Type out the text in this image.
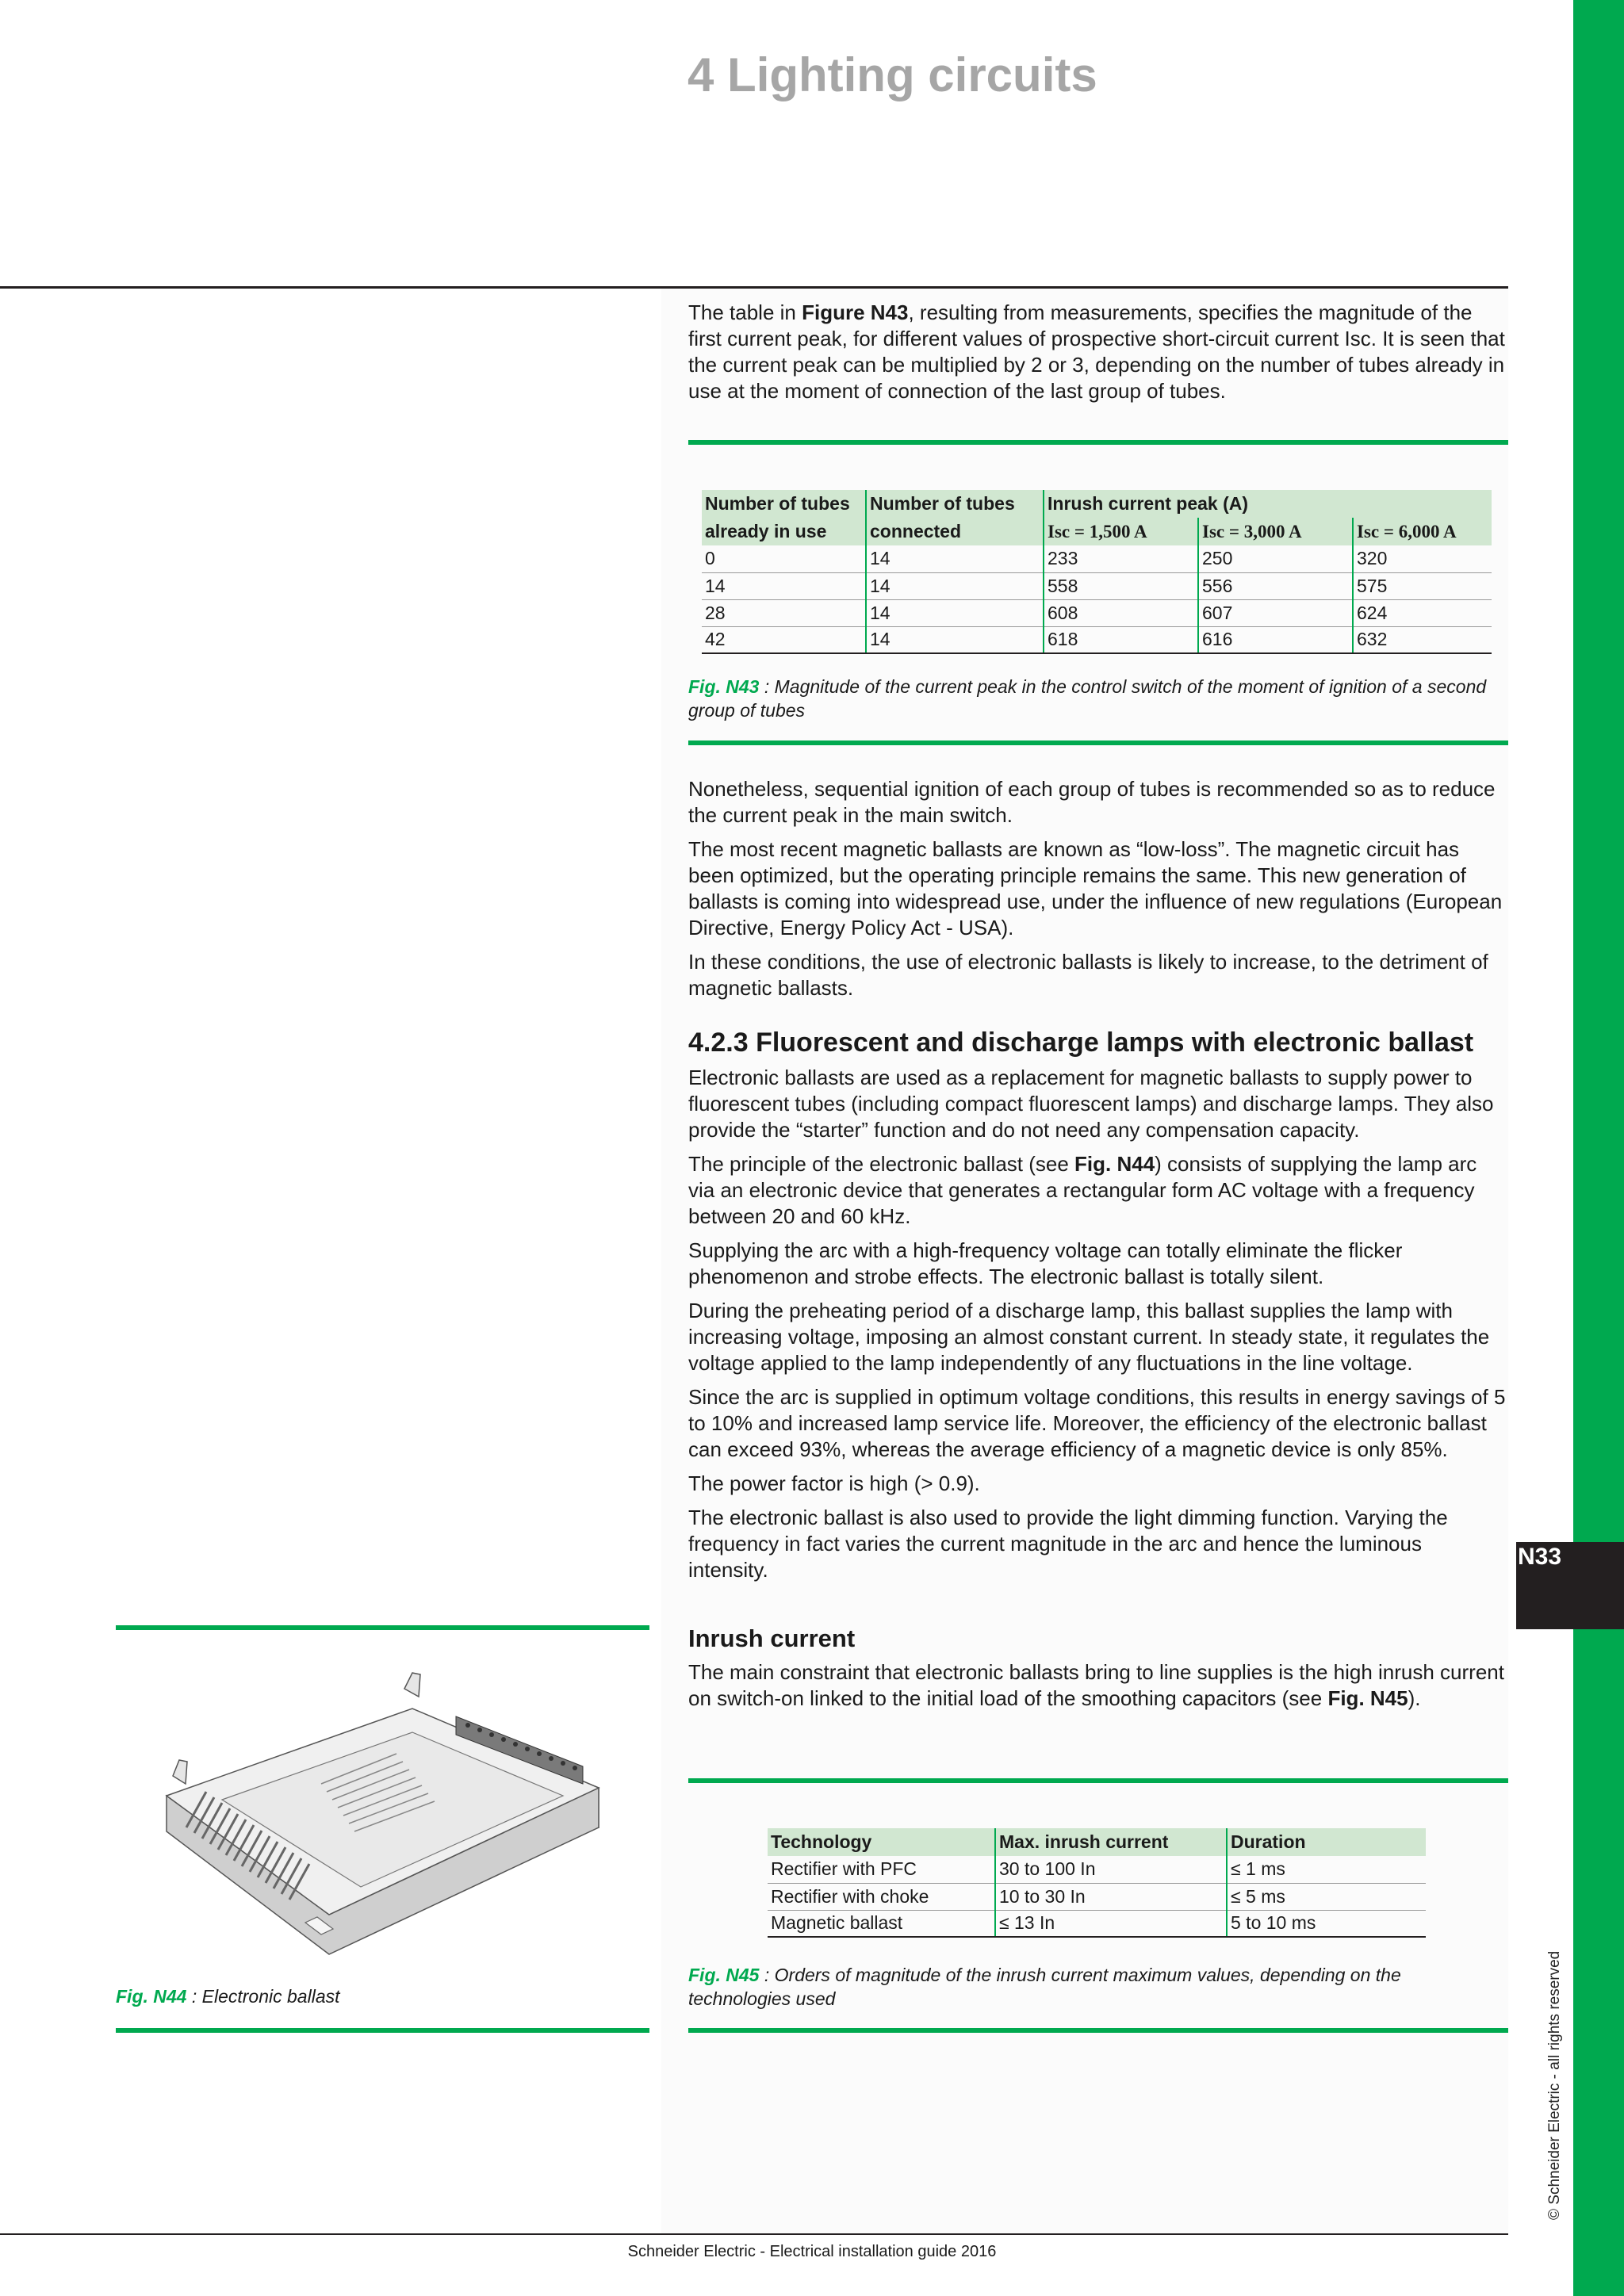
N33
© Schneider Electric - all rights reserved
4 Lighting circuits

The table in Figure N43, resulting from measurements, specifies the magnitude of the first current peak, for different values of prospective short-circuit current Isc. It is seen that the current peak can be multiplied by 2 or 3, depending on the number of tubes already in use at the moment of connection of the last group of tubes.

Number of tubes	Number of tubes	Inrush current peak (A)		
already in use	connected	Isc = 1,500 A	Isc = 3,000 A	Isc = 6,000 A
0	14	233	250	320
14	14	558	556	575
28	14	608	607	624
42	14	618	616	632
Fig. N43 : Magnitude of the current peak in the control switch of the moment of ignition of a second group of tubes

Nonetheless, sequential ignition of each group of tubes is recommended so as to reduce the current peak in the main switch.

The most recent magnetic ballasts are known as “low-loss”. The magnetic circuit has been optimized, but the operating principle remains the same. This new generation of ballasts is coming into widespread use, under the influence of new regulations (European Directive, Energy Policy Act - USA).

In these conditions, the use of electronic ballasts is likely to increase, to the detriment of magnetic ballasts.

4.2.3 Fluorescent and discharge lamps with electronic ballast

Electronic ballasts are used as a replacement for magnetic ballasts to supply power to fluorescent tubes (including compact fluorescent lamps) and discharge lamps. They also provide the “starter” function and do not need any compensation capacity.

The principle of the electronic ballast (see Fig. N44) consists of supplying the lamp arc via an electronic device that generates a rectangular form AC voltage with a frequency between 20 and 60 kHz.

Supplying the arc with a high-frequency voltage can totally eliminate the flicker phenomenon and strobe effects. The electronic ballast is totally silent.

During the preheating period of a discharge lamp, this ballast supplies the lamp with increasing voltage, imposing an almost constant current. In steady state, it regulates the voltage applied to the lamp independently of any fluctuations in the line voltage.

Since the arc is supplied in optimum voltage conditions, this results in energy savings of 5 to 10% and increased lamp service life. Moreover, the efficiency of the electronic ballast can exceed 93%, whereas the average efficiency of a magnetic device is only 85%.

The power factor is high (> 0.9).

The electronic ballast is also used to provide the light dimming function. Varying the frequency in fact varies the current magnitude in the arc and hence the luminous intensity.

Inrush current

The main constraint that electronic ballasts bring to line supplies is the high inrush current on switch-on linked to the initial load of the smoothing capacitors (see Fig. N45).

Technology	Max. inrush current	Duration
Rectifier with PFC	30 to 100 In	≤ 1 ms
Rectifier with choke	10 to 30 In	≤ 5 ms
Magnetic ballast	≤ 13 In	5 to 10 ms
Fig. N45 : Orders of magnitude of the inrush current maximum values, depending on the technologies used
Fig. N44 : Electronic ballast
Schneider Electric - Electrical installation guide 2016
